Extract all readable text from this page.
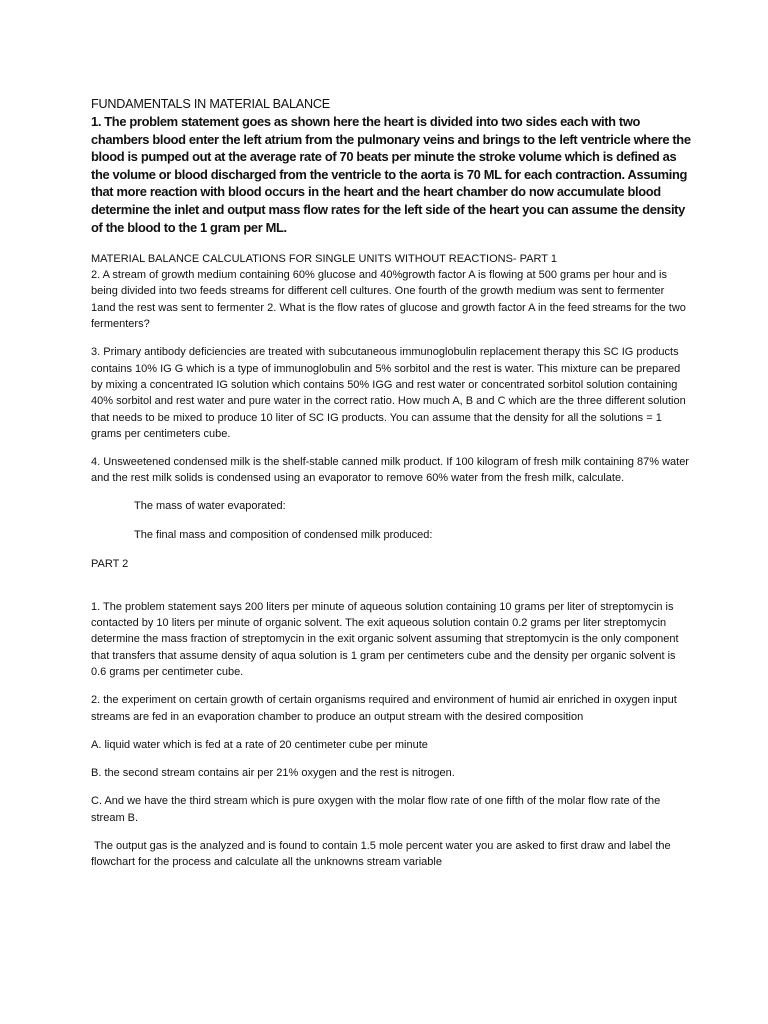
FUNDAMENTALS IN MATERIAL BALANCE

1. The problem statement goes as shown here the heart is divided into two sides each with two chambers blood enter the left atrium from the pulmonary veins and brings to the left ventricle where the blood is pumped out at the average rate of 70 beats per minute the stroke volume which is defined as the volume or blood discharged from the ventricle to the aorta is 70 ML for each contraction. Assuming that more reaction with blood occurs in the heart and the heart chamber do now accumulate blood determine the inlet and output mass flow rates for the left side of the heart you can assume the density of the blood to the 1 gram per ML.

MATERIAL BALANCE CALCULATIONS FOR SINGLE UNITS WITHOUT REACTIONS- PART 1

2. A stream of growth medium containing 60% glucose and 40%growth factor A is flowing at 500 grams per hour and is being divided into two feeds streams for different cell cultures. One fourth of the growth medium was sent to fermenter 1and the rest was sent to fermenter 2. What is the flow rates of glucose and growth factor A in the feed streams for the two fermenters?

3. Primary antibody deficiencies are treated with subcutaneous immunoglobulin replacement therapy this SC IG products contains 10% IG G which is a type of immunoglobulin and 5% sorbitol and the rest is water. This mixture can be prepared by mixing a concentrated IG solution which contains 50% IGG and rest water or concentrated sorbitol solution containing 40% sorbitol and rest water and pure water in the correct ratio. How much A, B and C which are the three different solution that needs to be mixed to produce 10 liter of SC IG products. You can assume that the density for all the solutions = 1 grams per centimeters cube.

4. Unsweetened condensed milk is the shelf-stable canned milk product. If 100 kilogram of fresh milk containing 87% water and the rest milk solids is condensed using an evaporator to remove 60% water from the fresh milk, calculate.

The mass of water evaporated:

The final mass and composition of condensed milk produced:

PART 2

1. The problem statement says 200 liters per minute of aqueous solution containing 10 grams per liter of streptomycin is contacted by 10 liters per minute of organic solvent. The exit aqueous solution contain 0.2 grams per liter streptomycin determine the mass fraction of streptomycin in the exit organic solvent assuming that streptomycin is the only component that transfers that assume density of aqua solution is 1 gram per centimeters cube and the density per organic solvent is 0.6 grams per centimeter cube.

2. the experiment on certain growth of certain organisms required and environment of humid air enriched in oxygen input streams are fed in an evaporation chamber to produce an output stream with the desired composition

A. liquid water which is fed at a rate of 20 centimeter cube per minute

B. the second stream contains air per 21% oxygen and the rest is nitrogen.

C. And we have the third stream which is pure oxygen with the molar flow rate of one fifth of the molar flow rate of the stream B.

The output gas is the analyzed and is found to contain 1.5 mole percent water you are asked to first draw and label the flowchart for the process and calculate all the unknowns stream variable
